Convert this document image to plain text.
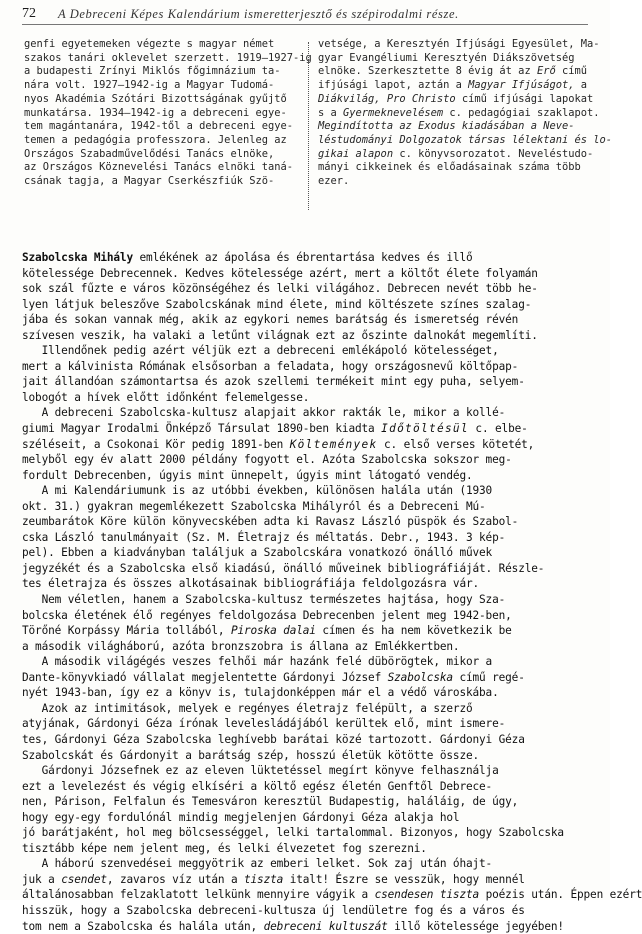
72 A Debreceni Képes Kalendárium ismeretterjesztő és szépirodalmi része.
genfi egyetemeken végezte s magyar német
szakos tanári oklevelet szerzett. 1919—1927-ig
a budapesti Zrínyi Miklós főgimnázium ta-
nára volt. 1927—1942-ig a Magyar Tudomá-
nyos Akadémia Szótári Bizottságának gyűjtő
munkatársa. 1934—1942-ig a debreceni egye-
tem magántanára, 1942-től a debreceni egye-
temen a pedagógia professzora. Jelenleg az
Országos Szabadművelődési Tanács elnöke,
az Országos Köznevelési Tanács elnöki taná-
csának tagja, a Magyar Cserkészfiúk Szö-
vetsége, a Keresztyén Ifjúsági Egyesület, Ma-
gyar Evangéliumi Keresztyén Diákszövetség
elnöke. Szerkesztette 8 évig át az Erő című
ifjúsági lapot, aztán a Magyar Ifjúságot, a
Diákvilág, Pro Christo című ifjúsági lapokat
s a Gyermeknevelésem c. pedagógiai szaklapot.
Megindította az Exodus kiadásában a Neve-
léstudományi Dolgozatok társas lélektani és lo-
gikai alapon c. könyvsorozatot. Neveléstudo-
mányi cikkeinek és előadásainak száma több
ezer.
Szabolcska Mihály emlékének az ápolása és ébrentartása kedves és illő
kötelessége Debrecennek. Kedves kötelessége azért, mert a költőt élete folyamán
sok szál fűzte e város közönségéhez és lelki világához. Debrecen nevét több he-
lyen látjuk beleszőve Szabolcskának mind élete, mind költészete színes szalag-
jába és sokan vannak még, akik az egykori nemes barátság és ismeretség révén
szívesen veszik, ha valaki a letűnt világnak ezt az őszinte dalnokát megemlíti.
Illendőnek pedig azért véljük ezt a debreceni emlékápoló kötelességet,
mert a kálvinista Rómának elsősorban a feladata, hogy országosnevű költőpap-
jait állandóan számontartsa és azok szellemi termékeit mint egy puha, selyem-
lobogót a hívek előtt időnként felemelgesse.
A debreceni Szabolcska-kultusz alapjait akkor rakták le, mikor a kollé-
giumi Magyar Irodalmi Önképző Társulat 1890-ben kiadta Időtöltésül c. elbe-
széléseit, a Csokonai Kör pedig 1891-ben Költemények c. első verses kötetét,
melyből egy év alatt 2000 példány fogyott el. Azóta Szabolcska sokszor meg-
fordult Debrecenben, úgyis mint ünnepelt, úgyis mint látogató vendég.
A mi Kalendáriumunk is az utóbbi években, különösen halála után (1930
okt. 31.) gyakran megemlékezett Szabolcska Mihályról és a Debreceni Mú-
zeumbarátok Köre külön könyvecskében adta ki Ravasz László püspök és Szabol-
cska László tanulmányait (Sz. M. Életrajz és méltatás. Debr., 1943. 3 kép-
pel). Ebben a kiadványban találjuk a Szabolcskára vonatkozó önálló művek
jegyzékét és a Szabolcska első kiadású, önálló műveinek bibliográfiáját. Részle-
tes életrajza és összes alkotásainak bibliográfiája feldolgozásra vár.
Nem véletlen, hanem a Szabolcska-kultusz természetes hajtása, hogy Sza-
bolcska életének élő regényes feldolgozása Debrecenben jelent meg 1942-ben,
Törőné Korpássy Mária tollából, Piroska dalai címen és ha nem következik be
a második világháború, azóta bronzszobra is állana az Emlékkertben.
A második világégés veszes felhői már hazánk felé dübörögtek, mikor a
Dante-könyvkiadó vállalat megjelentette Gárdonyi József Szabolcska című regé-
nyét 1943-ban, így ez a könyv is, tulajdonképpen már el a védő városkába.
Azok az intimitások, melyek e regényes életrajz felépült, a szerző
atyjának, Gárdonyi Géza írónak levelesládájából kerültek elő, mint ismere-
tes, Gárdonyi Géza Szabolcska leghívebb barátai közé tartozott. Gárdonyi Géza
Szabolcskát és Gárdonyit a barátság szép, hosszú életük kötötte össze.
Gárdonyi Józsefnek ez az eleven lüktetéssel megírt könyve felhasználja
ezt a levelezést és végig elkíséri a költő egész életén Genftől Debrece-
nen, Párison, Felfalun és Temesváron keresztül Budapestig, haláláig, de úgy,
hogy egy-egy fordulónál mindig megjelenjen Gárdonyi Géza alakja hol
jó barátjaként, hol meg bölcsességgel, lelki tartalommal. Bizonyos, hogy Szabolcska
tisztább képe nem jelent meg, és lelki élvezetet fog szerezni.
A háború szenvedései meggyötrik az emberi lelket. Sok zaj után óhajt-
juk a csendet, zavaros víz után a tiszta italt! Észre se vesszük, hogy mennél
általánosabban felzaklatott lelkünk mennyire vágyik a csendesen tiszta poézis után. Éppen ezért
hisszük, hogy a Szabolcska debreceni-kultusza új lendületre fog és a város és
tom nem a Szabolcska és halála után, debreceni kultuszát illő kötelessége jegyében!
